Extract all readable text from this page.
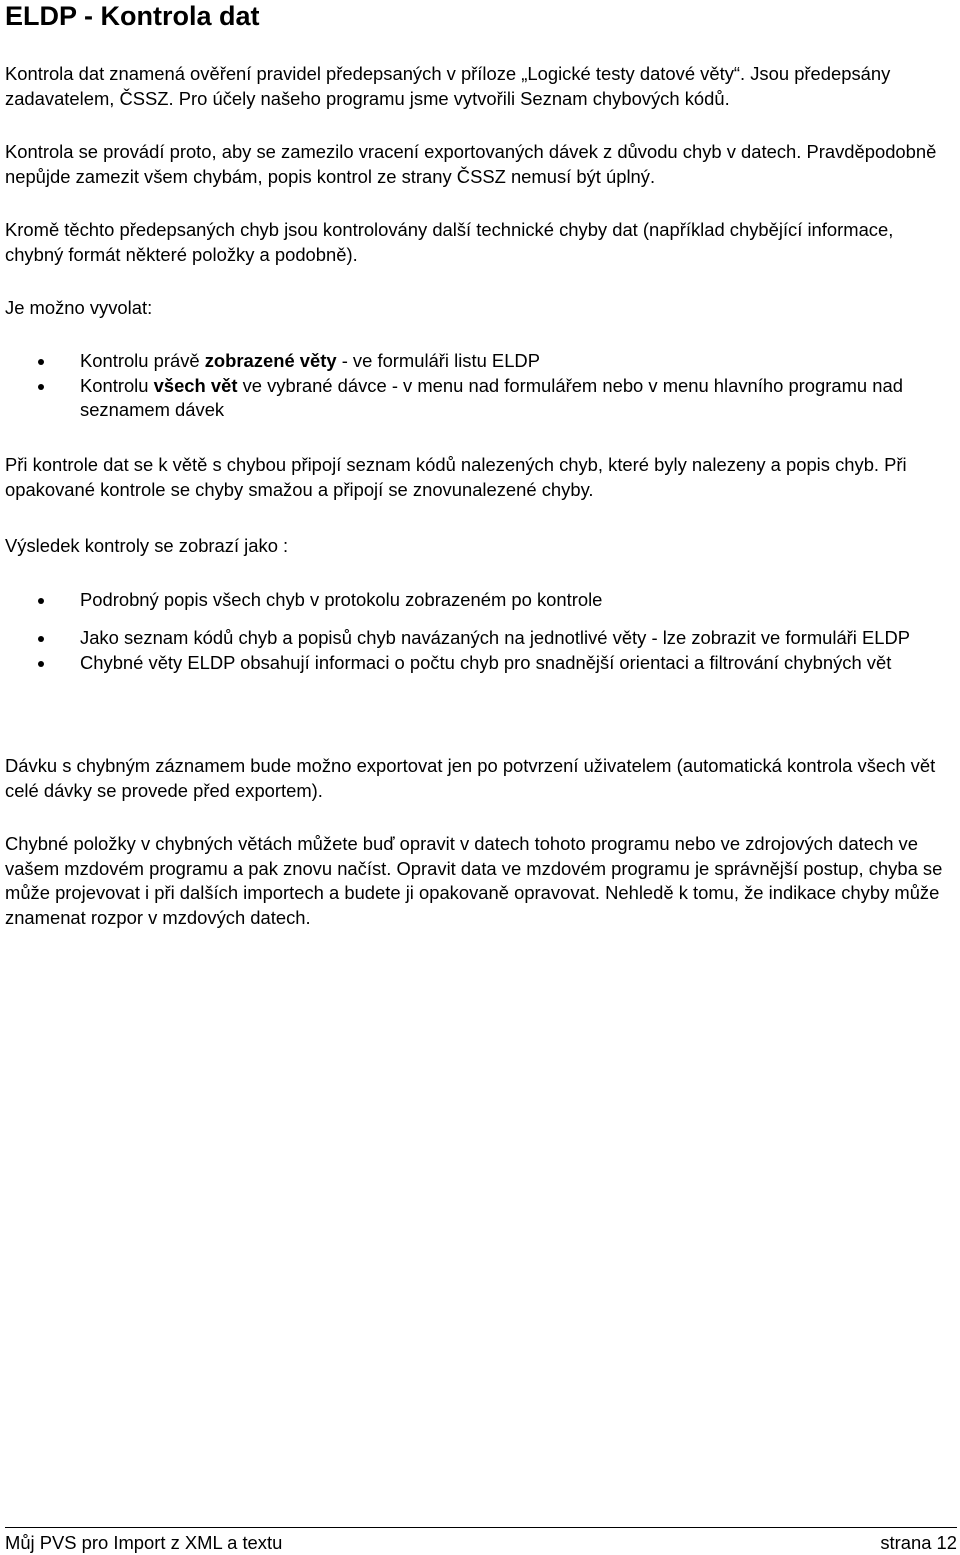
ELDP - Kontrola dat

Kontrola dat znamená ověření pravidel předepsaných v příloze „Logické testy datové věty“. Jsou předepsány zadavatelem, ČSSZ. Pro účely našeho programu jsme vytvořili Seznam chybových kódů.

Kontrola se provádí proto, aby se zamezilo vracení exportovaných dávek z důvodu chyb v datech. Pravděpodobně nepůjde zamezit všem chybám, popis kontrol ze strany ČSSZ nemusí být úplný.

Kromě těchto předepsaných chyb jsou kontrolovány další technické chyby dat (například chybějící informace, chybný formát některé položky a podobně).

Je možno vyvolat:

Kontrolu právě zobrazené věty - ve formuláři listu ELDP
Kontrolu všech vět ve vybrané dávce - v menu nad formulářem nebo v menu hlavního programu nad seznamem dávek

Při kontrole dat se k větě s chybou připojí seznam kódů nalezených chyb, které byly nalezeny a popis chyb. Při opakované kontrole se chyby smažou a připojí se znovunalezené chyby.

Výsledek kontroly se zobrazí jako :

Podrobný popis všech chyb v protokolu zobrazeném po kontrole
Jako seznam kódů chyb a popisů chyb navázaných na jednotlivé věty - lze zobrazit ve formuláři ELDP
Chybné věty ELDP obsahují informaci o počtu chyb pro snadnější orientaci a filtrování chybných vět

Dávku s chybným záznamem bude možno exportovat jen po potvrzení uživatelem (automatická kontrola všech vět celé dávky se provede před exportem).

Chybné položky v chybných větách můžete buď opravit v datech tohoto programu nebo ve zdrojových datech ve vašem mzdovém programu a pak znovu načíst. Opravit data ve mzdovém programu je správnější postup, chyba se může projevovat i při dalších importech a budete ji opakovaně opravovat. Nehledě k tomu, že indikace chyby může znamenat rozpor v mzdových datech.

Můj PVS pro Import z XML a textu	strana 12
